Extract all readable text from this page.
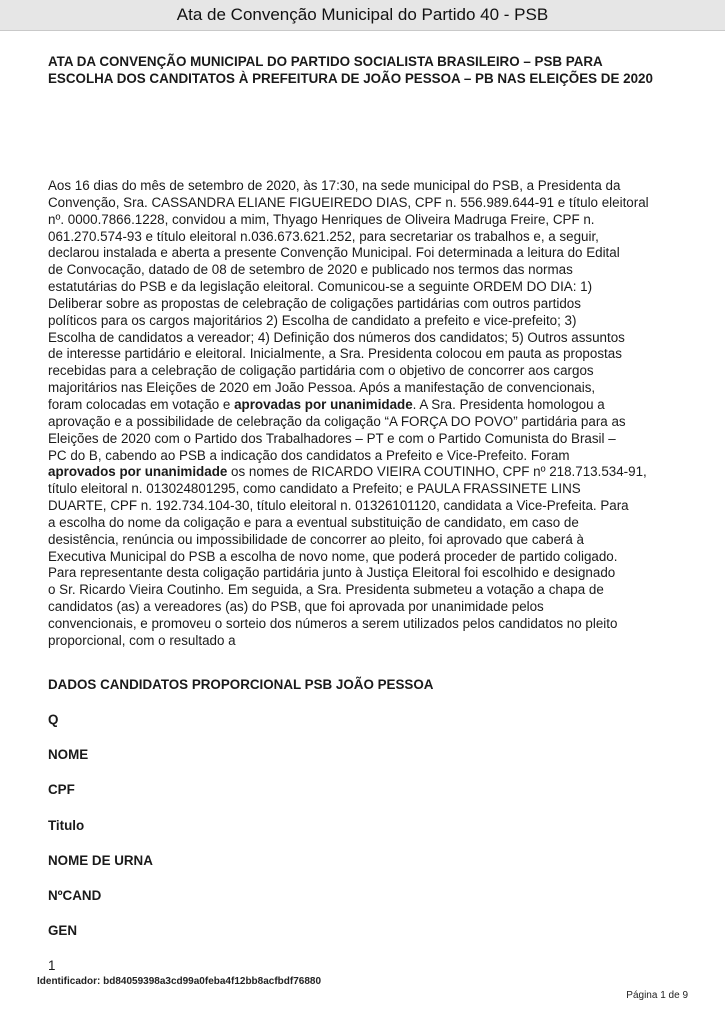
Ata de Convenção Municipal do Partido 40 - PSB
ATA DA CONVENÇÃO MUNICIPAL DO PARTIDO SOCIALISTA BRASILEIRO – PSB PARA
ESCOLHA DOS CANDITATOS À PREFEITURA DE JOÃO PESSOA – PB NAS ELEIÇÕES DE 2020
Aos 16 dias do mês de setembro de 2020, às 17:30, na sede municipal do PSB, a Presidenta da
Convenção, Sra. CASSANDRA ELIANE FIGUEIREDO DIAS, CPF n. 556.989.644-91 e título eleitoral
nº. 0000.7866.1228, convidou a mim, Thyago Henriques de Oliveira Madruga Freire, CPF n.
061.270.574-93 e título eleitoral n.036.673.621.252, para secretariar os trabalhos e, a seguir,
declarou instalada e aberta a presente Convenção Municipal. Foi determinada a leitura do Edital
de Convocação, datado de 08 de setembro de 2020 e publicado nos termos das normas
estatutárias do PSB e da legislação eleitoral. Comunicou-se a seguinte ORDEM DO DIA: 1)
Deliberar sobre as propostas de celebração de coligações partidárias com outros partidos
políticos para os cargos majoritários 2) Escolha de candidato a prefeito e vice-prefeito; 3)
Escolha de candidatos a vereador; 4) Definição dos números dos candidatos; 5) Outros assuntos
de interesse partidário e eleitoral. Inicialmente, a Sra. Presidenta colocou em pauta as propostas
recebidas para a celebração de coligação partidária com o objetivo de concorrer aos cargos
majoritários nas Eleições de 2020 em João Pessoa. Após a manifestação de convencionais,
foram colocadas em votação e aprovadas por unanimidade. A Sra. Presidenta homologou a
aprovação e a possibilidade de celebração da coligação “A FORÇA DO POVO” partidária para as
Eleições de 2020 com o Partido dos Trabalhadores – PT e com o Partido Comunista do Brasil –
PC do B, cabendo ao PSB a indicação dos candidatos a Prefeito e Vice-Prefeito. Foram
aprovados por unanimidade os nomes de RICARDO VIEIRA COUTINHO, CPF nº 218.713.534-91,
título eleitoral n. 013024801295, como candidato a Prefeito; e PAULA FRASSINETE LINS
DUARTE, CPF n. 192.734.104-30, título eleitoral n. 01326101120, candidata a Vice-Prefeita. Para
a escolha do nome da coligação e para a eventual substituição de candidato, em caso de
desistência, renúncia ou impossibilidade de concorrer ao pleito, foi aprovado que caberá à
Executiva Municipal do PSB a escolha de novo nome, que poderá proceder de partido coligado.
Para representante desta coligação partidária junto à Justiça Eleitoral foi escolhido e designado
o Sr. Ricardo Vieira Coutinho. Em seguida, a Sra. Presidenta submeteu a votação a chapa de
candidatos (as) a vereadores (as) do PSB, que foi aprovada por unanimidade pelos
convencionais, e promoveu o sorteio dos números a serem utilizados pelos candidatos no pleito
proporcional, com o resultado a
DADOS CANDIDATOS PROPORCIONAL PSB JOÃO PESSOA
Q
NOME
CPF
Titulo
NOME DE URNA
NºCAND
GEN
1
Identificador: bd84059398a3cd99a0feba4f12bb8acfbdf76880
Página 1 de 9
